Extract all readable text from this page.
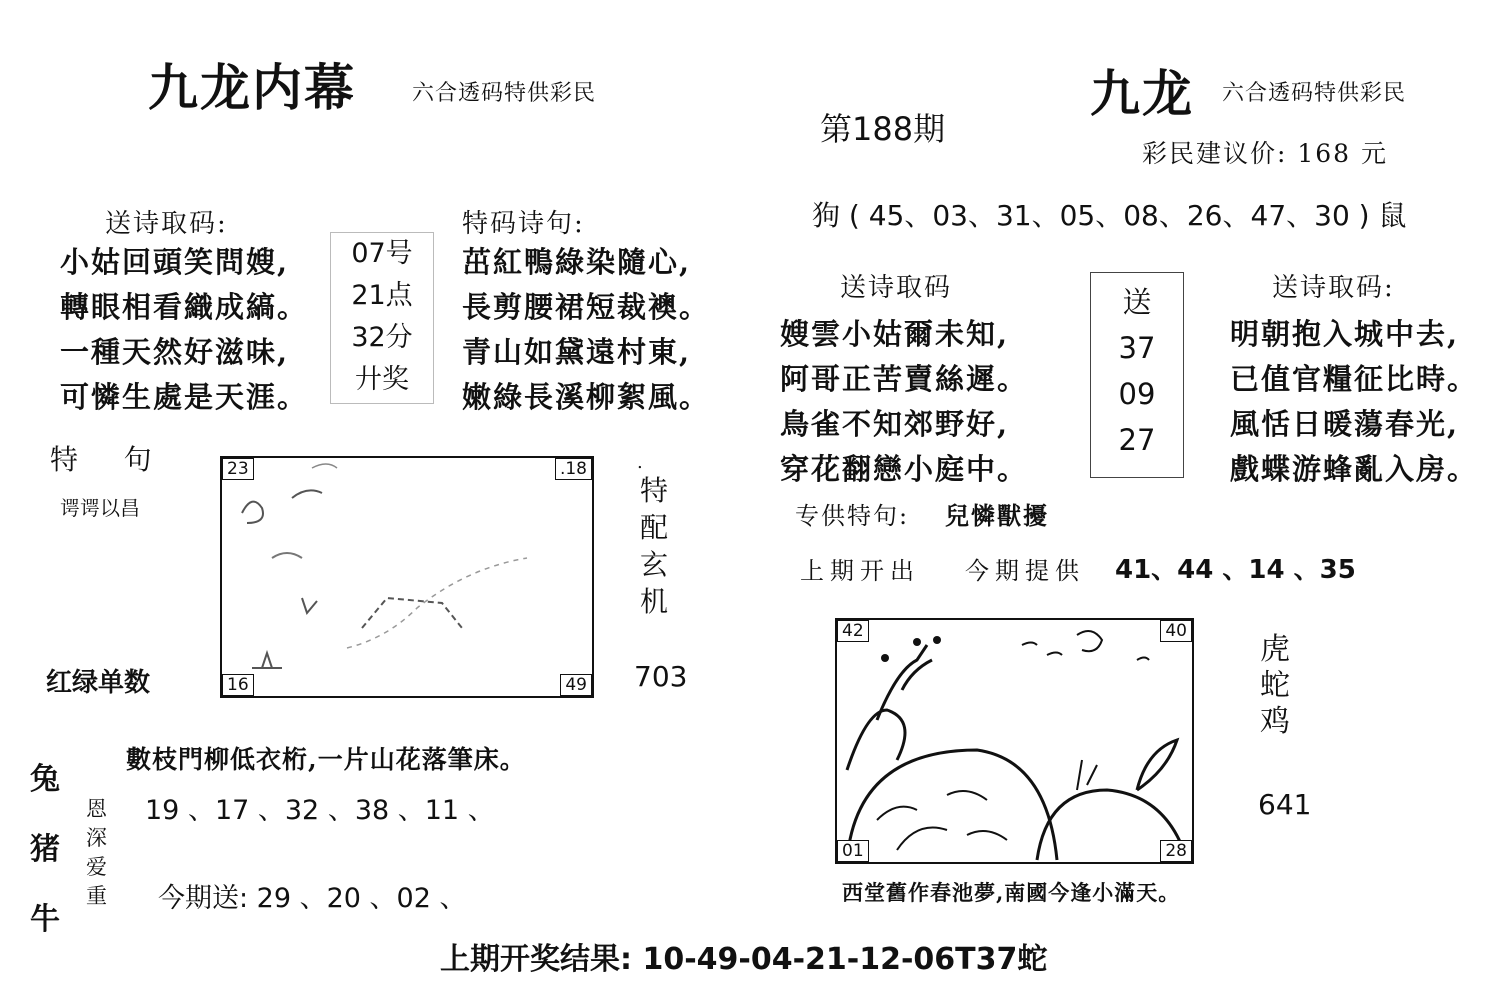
九龙内幕	六合透码特供彩民
送诗取码:
小姑回頭笑問嫂,
轉眼相看織成縞。
一種天然好滋味,
可憐生處是天涯。
07号
21点
32分
廾奖
特码诗句:
茁紅鴨綠染隨心,
長剪腰裙短裁襖。
青山如黛遠村東,
嫩綠長溪柳絮風。
特    句
谔谔以昌
23	.18
16	49
.
特
配
玄
机
红绿单数	703
數枝門柳低衣桁,一片山花落筆床。
兔
猪
牛
恩
深
爱
重
19 、17 、32 、38 、11 、
今期送: 29 、20 、02 、
第188期
九龙 六合透码特供彩民
彩民建议价: 168 元
狗 ( 45、03、31、05、08、26、47、30 ) 鼠
送诗取码
嫂雲小姑爾未知,
阿哥正苦賣絲遲。
鳥雀不知郊野好,
穿花翻戀小庭中。
送
37
09
27
送诗取码:
明朝抱入城中去,
已值官糧征比時。
風恬日暖蕩春光,
戲蝶游蜂亂入房。
专供特句: 兒憐獸擾
上期开出 今期提供 41、44 、14 、35
42	40
01	28
虎
蛇
鸡
641
西堂舊作春池夢,南國今逢小滿天。
上期开奖结果: 10-49-04-21-12-06T37蛇
